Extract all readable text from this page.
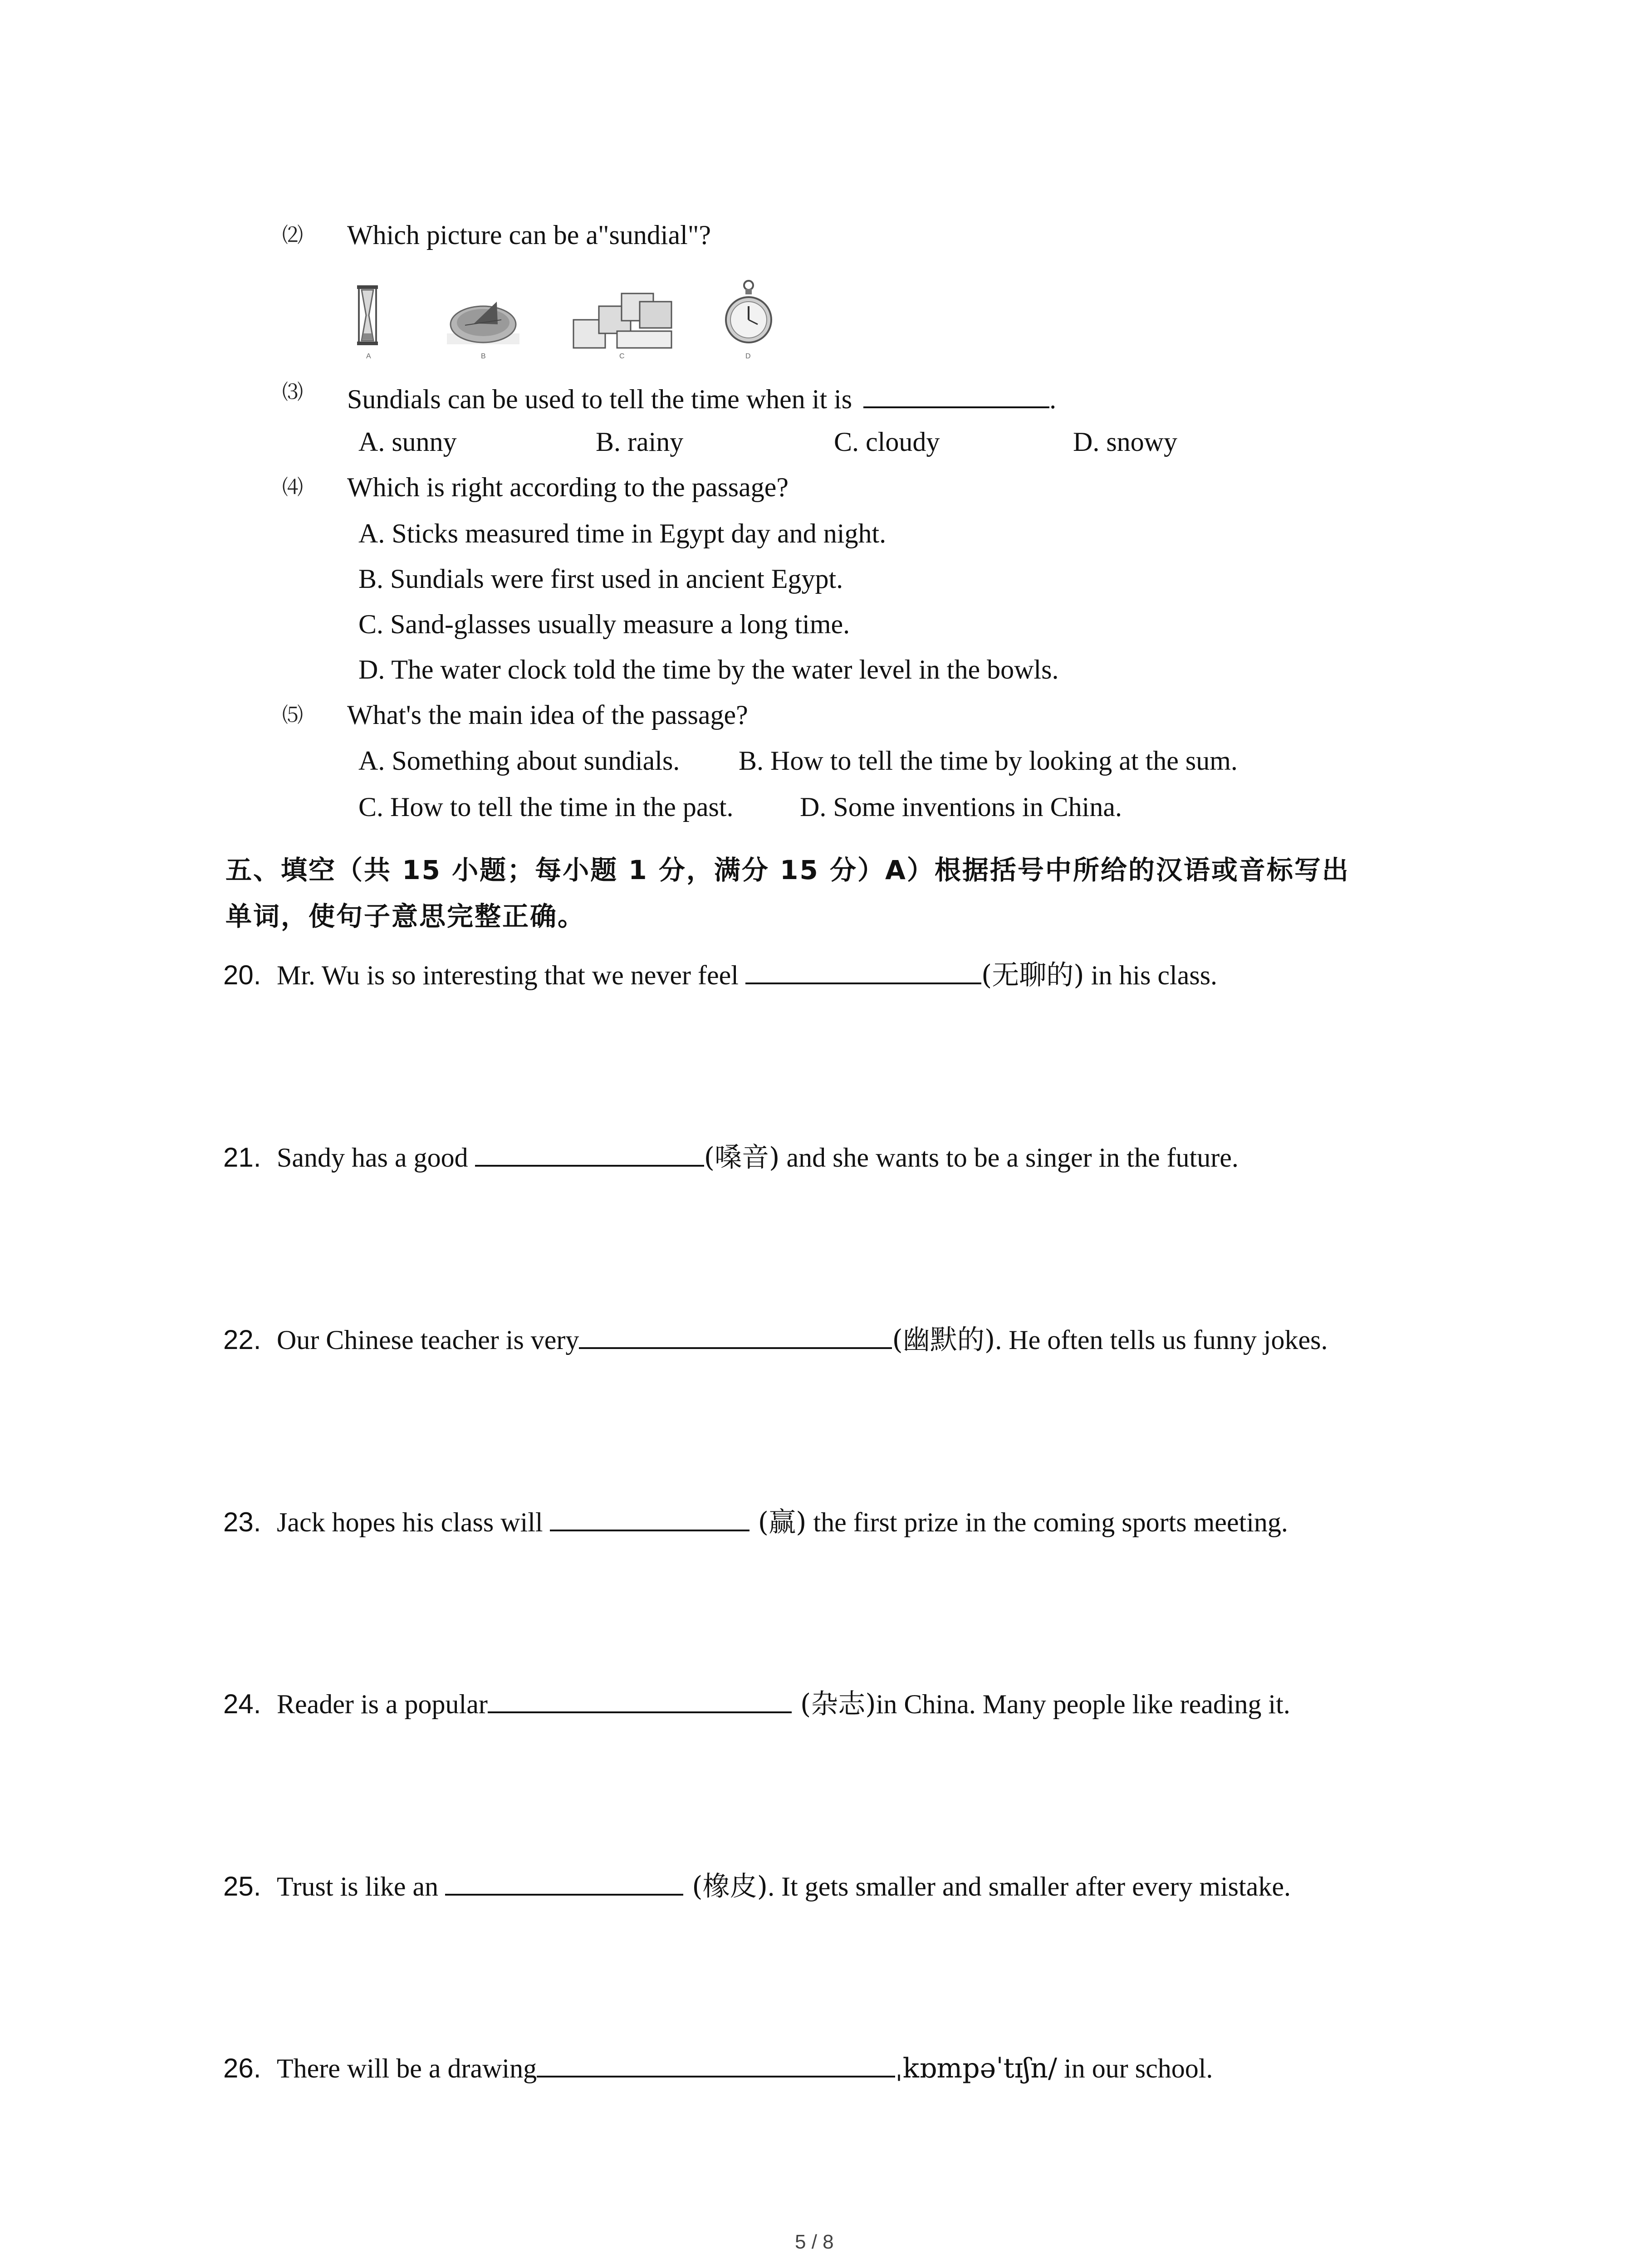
⑵ Which picture can be a"sundial"?
A	B	C	D
⑶ Sundials can be used to tell the time when it is	.
A. sunny	B. rainy	C. cloudy	D. snowy
⑷ Which is right according to the passage?
A. Sticks measured time in Egypt day and night.
B. Sundials were first used in ancient Egypt.
C. Sand-glasses usually measure a long time.
D. The water clock told the time by the water level in the bowls.
⑸ What's the main idea of the passage?
A. Something about sundials. B. How to tell the time by looking at the sum.
C. How to tell the time in the past. D. Some inventions in China.
五、填空（共 15 小题；每小题 1 分，满分 15 分）A）根据括号中所给的汉语或音标写出
单词，使句子意思完整正确。
20. Mr. Wu is so interesting that we never feel	(无聊的) in his class.
21. Sandy has a good	(嗓音) and she wants to be a singer in the future.
22. Our Chinese teacher is very	(幽默的). He often tells us funny jokes.
23. Jack hopes his class will	(赢) the first prize in the coming sports meeting.
24. Reader is a popular	(杂志)in China. Many people like reading it.
25. Trust is like an	(橡皮). It gets smaller and smaller after every mistake.
26. There will be a drawing	ˌkɒmpəˈtɪʃn/ in our school.
5 / 8
